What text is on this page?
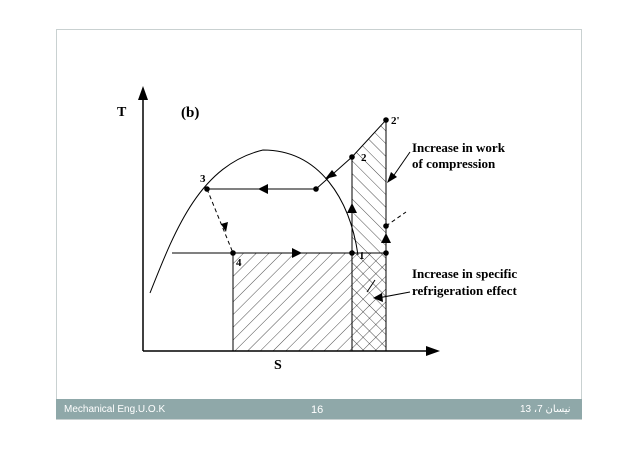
T
S
(b)
3
4
1
2
2'
Increase in work
of compression
Increase in specific
refrigeration effect
Mechanical Eng.U.O.K	16	13 ،7 نیسان
